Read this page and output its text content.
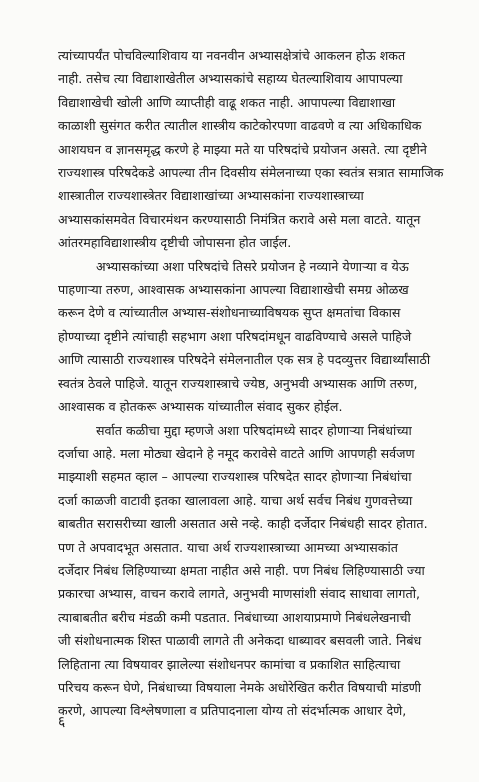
त्यांच्यापर्यंत पोचविल्याशिवाय या नवनवीन अभ्यासक्षेत्रांचे आकलन होऊ शकत
नाही. तसेच त्या विद्याशाखेतील अभ्यासकांचे सहाय्य घेतल्याशिवाय आपापल्या
विद्याशाखेची खोली आणि व्याप्तीही वाढू शकत नाही. आपापल्या विद्याशाखा
काळाशी सुसंगत करीत त्यातील शास्त्रीय काटेकोरपणा वाढवणे व त्या अधिकाधिक
आशयघन व ज्ञानसमृद्ध करणे हे माझ्या मते या परिषदांचे प्रयोजन असते. त्या दृष्टीने
राज्यशास्त्र परिषदेकडे आपल्या तीन दिवसीय संमेलनाच्या एका स्वतंत्र सत्रात सामाजिक
शास्त्रातील राज्यशास्त्रेतर विद्याशाखांच्या अभ्यासकांना राज्यशास्त्राच्या
अभ्यासकांसमवेत विचारमंथन करण्यासाठी निमंत्रित करावे असे मला वाटते. यातून
आंतरमहाविद्याशास्त्रीय दृष्टीची जोपासना होत जाईल.

अभ्यासकांच्या अशा परिषदांचे तिसरे प्रयोजन हे नव्याने येणाऱ्या व येऊ
पाहणाऱ्या तरुण, आश्वासक अभ्यासकांना आपल्या विद्याशाखेची समग्र ओळख
करून देणे व त्यांच्यातील अभ्यास-संशोधनाच्याविषयक सुप्त क्षमतांचा विकास
होण्याच्या दृष्टीने त्यांचाही सहभाग अशा परिषदांमधून वाढविण्याचे असले पाहिजे
आणि त्यासाठी राज्यशास्त्र परिषदेने संमेलनातील एक सत्र हे पदव्युत्तर विद्यार्थ्यांसाठी
स्वतंत्र ठेवले पाहिजे. यातून राज्यशास्त्राचे ज्येष्ठ, अनुभवी अभ्यासक आणि तरुण,
आश्वासक व होतकरू अभ्यासक यांच्यातील संवाद सुकर होईल.

सर्वात कळीचा मुद्दा म्हणजे अशा परिषदांमध्ये सादर होणाऱ्या निबंधांच्या
दर्जाचा आहे. मला मोठ्या खेदाने हे नमूद करावेसे वाटते आणि आपणही सर्वजण
माझ्याशी सहमत व्हाल – आपल्या राज्यशास्त्र परिषदेत सादर होणाऱ्या निबंधांचा
दर्जा काळजी वाटावी इतका खालावला आहे. याचा अर्थ सर्वच निबंध गुणवत्तेच्या
बाबतीत सरासरीच्या खाली असतात असे नव्हे. काही दर्जेदार निबंधही सादर होतात.
पण ते अपवादभूत असतात. याचा अर्थ राज्यशास्त्राच्या आमच्या अभ्यासकांत
दर्जेदार निबंध लिहिण्याच्या क्षमता नाहीत असे नाही. पण निबंध लिहिण्यासाठी ज्या
प्रकारचा अभ्यास, वाचन करावे लागते, अनुभवी माणसांशी संवाद साधावा लागतो,
त्याबाबतीत बरीच मंडळी कमी पडतात. निबंधाच्या आशयाप्रमाणे निबंधलेखनाची
जी संशोधनात्मक शिस्त पाळावी लागते ती अनेकदा धाब्यावर बसवली जाते. निबंध
लिहिताना त्या विषयावर झालेल्या संशोधनपर कामांचा व प्रकाशित साहित्याचा
परिचय करून घेणे, निबंधाच्या विषयाला नेमके अधोरेखित करीत विषयाची मांडणी
करणे, आपल्या विश्लेषणाला व प्रतिपादनाला योग्य तो संदर्भात्मक आधार देणे,

६
